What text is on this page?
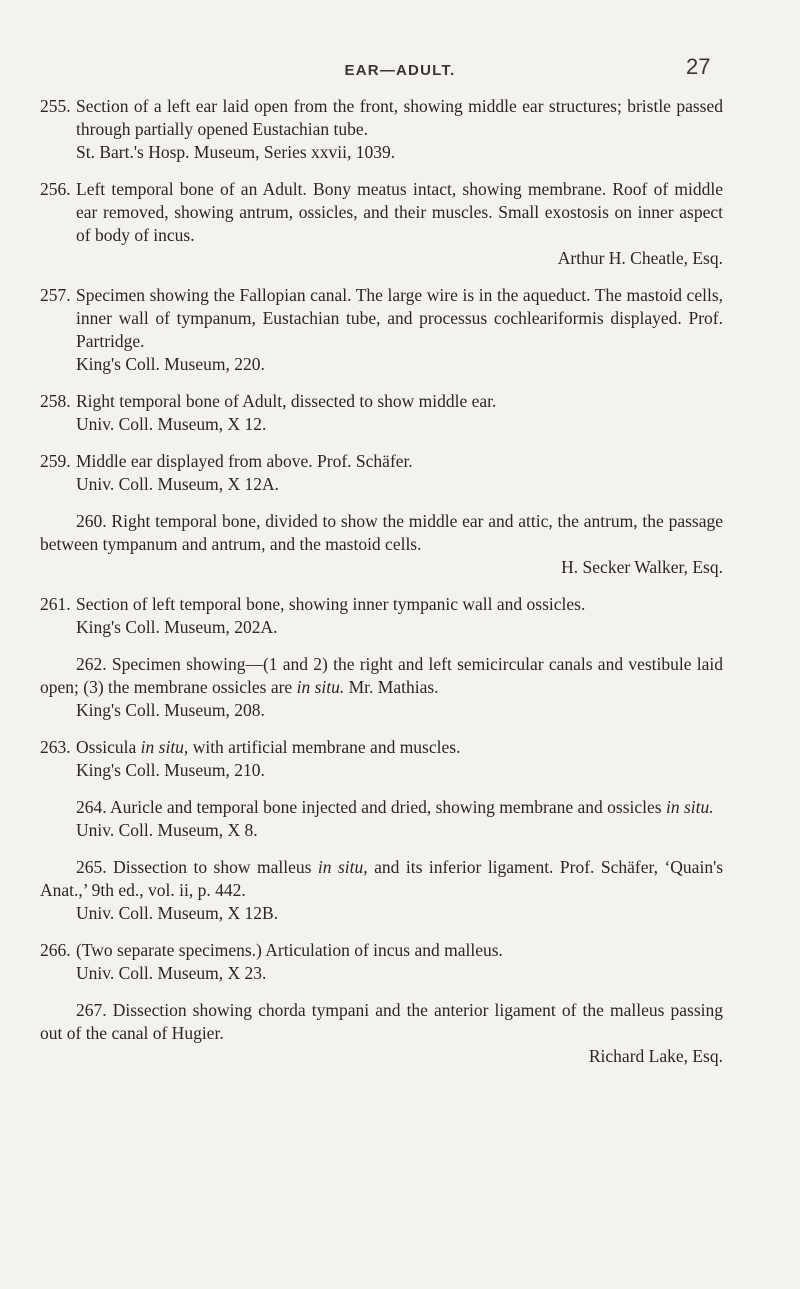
EAR—ADULT.	27
255. Section of a left ear laid open from the front, showing middle ear structures; bristle passed through partially opened Eustachian tube.
St. Bart.'s Hosp. Museum, Series xxvii, 1039.
256. Left temporal bone of an Adult. Bony meatus intact, showing membrane. Roof of middle ear removed, showing antrum, ossicles, and their muscles. Small exostosis on inner aspect of body of incus.
Arthur H. Cheatle, Esq.
257. Specimen showing the Fallopian canal. The large wire is in the aqueduct. The mastoid cells, inner wall of tympanum, Eustachian tube, and processus cochleariformis displayed. Prof. Partridge.
King's Coll. Museum, 220.
258. Right temporal bone of Adult, dissected to show middle ear.
Univ. Coll. Museum, X 12.
259. Middle ear displayed from above. Prof. Schäfer.
Univ. Coll. Museum, X 12A.
260. Right temporal bone, divided to show the middle ear and attic, the antrum, the passage between tympanum and antrum, and the mastoid cells.
H. Secker Walker, Esq.
261. Section of left temporal bone, showing inner tympanic wall and ossicles.
King's Coll. Museum, 202A.
262. Specimen showing—(1 and 2) the right and left semicircular canals and vestibule laid open; (3) the membrane ossicles are in situ. Mr. Mathias.
King's Coll. Museum, 208.
263. Ossicula in situ, with artificial membrane and muscles.
King's Coll. Museum, 210.
264. Auricle and temporal bone injected and dried, showing membrane and ossicles in situ.
Univ. Coll. Museum, X 8.
265. Dissection to show malleus in situ, and its inferior ligament. Prof. Schäfer, ‘Quain's Anat.,’ 9th ed., vol. ii, p. 442.
Univ. Coll. Museum, X 12B.
266. (Two separate specimens.) Articulation of incus and malleus.
Univ. Coll. Museum, X 23.
267. Dissection showing chorda tympani and the anterior ligament of the malleus passing out of the canal of Hugier.
Richard Lake, Esq.
